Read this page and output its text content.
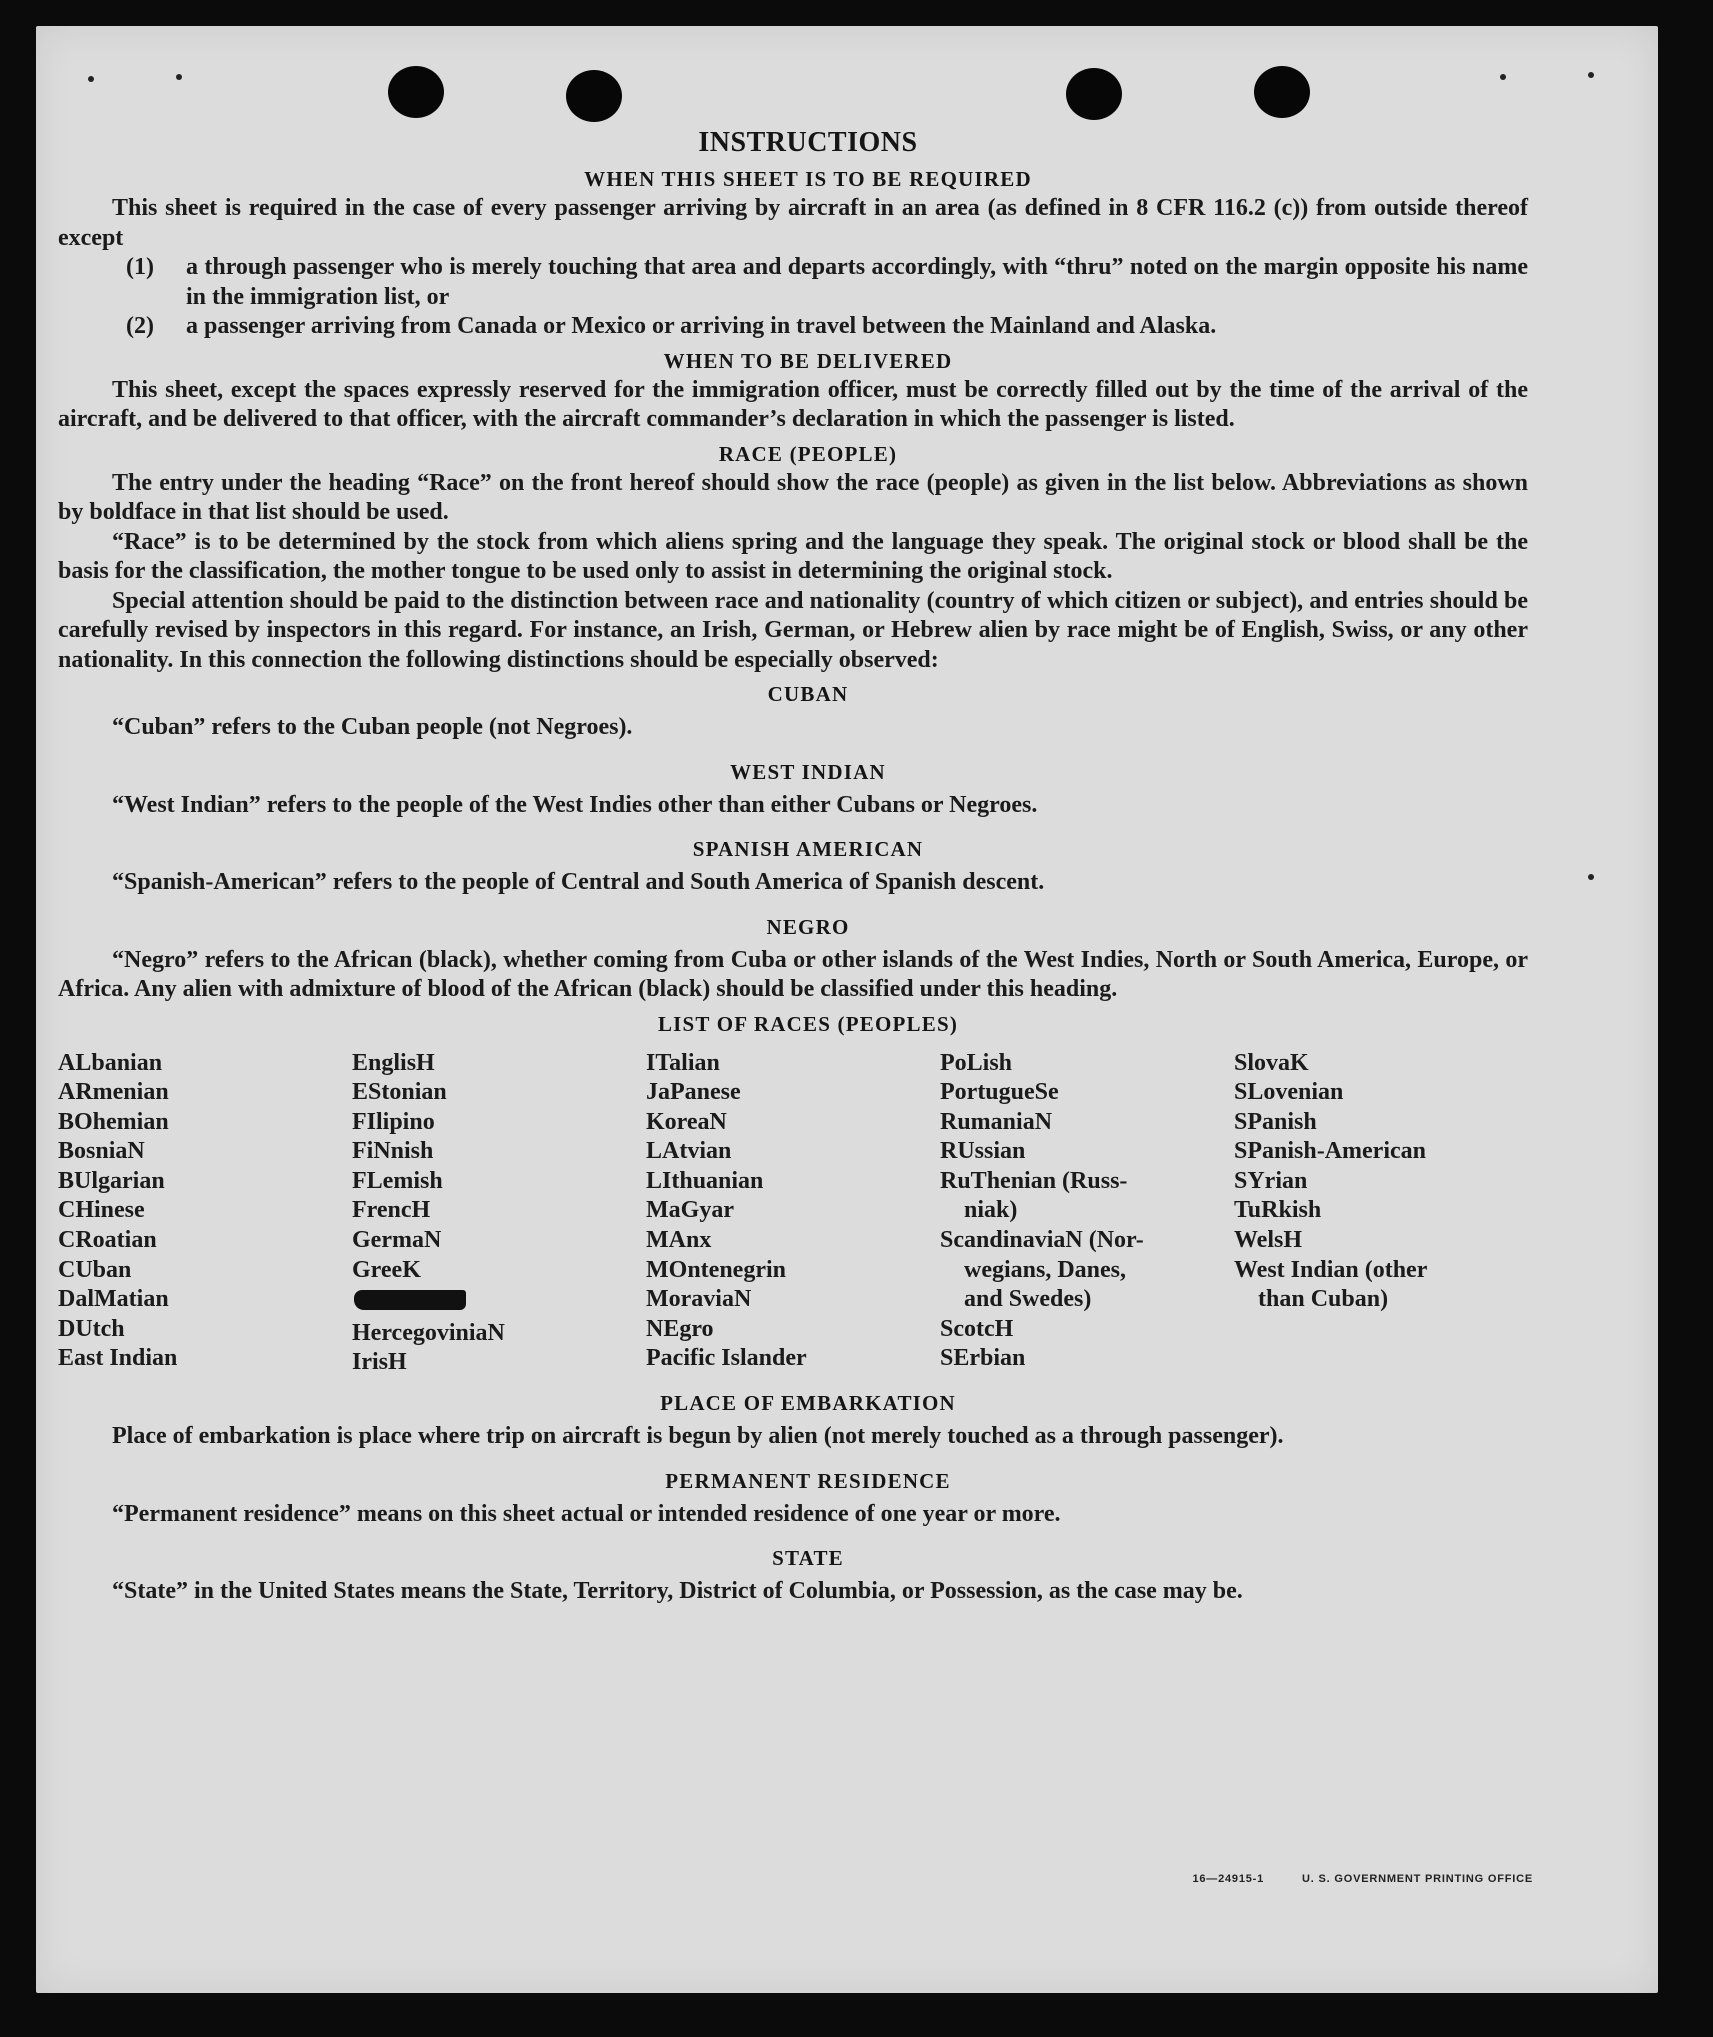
INSTRUCTIONS
WHEN THIS SHEET IS TO BE REQUIRED

This sheet is required in the case of every passenger arriving by aircraft in an area (as defined in 8 CFR 116.2 (c)) from outside thereof except

(1) a through passenger who is merely touching that area and departs accordingly, with “thru” noted on the margin opposite his name in the immigration list, or
(2) a passenger arriving from Canada or Mexico or arriving in travel between the Mainland and Alaska.
WHEN TO BE DELIVERED

This sheet, except the spaces expressly reserved for the immigration officer, must be correctly filled out by the time of the arrival of the aircraft, and be delivered to that officer, with the aircraft commander’s declaration in which the passenger is listed.

RACE (PEOPLE)

The entry under the heading “Race” on the front hereof should show the race (people) as given in the list below. Abbreviations as shown by boldface in that list should be used.

“Race” is to be determined by the stock from which aliens spring and the language they speak. The original stock or blood shall be the basis for the classification, the mother tongue to be used only to assist in determining the original stock.

Special attention should be paid to the distinction between race and nationality (country of which citizen or subject), and entries should be carefully revised by inspectors in this regard. For instance, an Irish, German, or Hebrew alien by race might be of English, Swiss, or any other nationality. In this connection the following distinctions should be especially observed:

CUBAN

“Cuban” refers to the Cuban people (not Negroes).

WEST INDIAN

“West Indian” refers to the people of the West Indies other than either Cubans or Negroes.

SPANISH AMERICAN

“Spanish-American” refers to the people of Central and South America of Spanish descent.

NEGRO

“Negro” refers to the African (black), whether coming from Cuba or other islands of the West Indies, North or South America, Europe, or Africa. Any alien with admixture of blood of the African (black) should be classified under this heading.

LIST OF RACES (PEOPLES)
ALbanian
ARmenian
BOhemian
BosniaN
BUlgarian
CHinese
CRoatian
CUban
DalMatian
DUtch
East Indian
EnglisH
EStonian
FIlipino
FiNnish
FLemish
FrencH
GermaN
GreeK
HercegoviniaN
IrisH
ITalian
JaPanese
KoreaN
LAtvian
LIthuanian
MaGyar
MAnx
MOntenegrin
MoraviaN
NEgro
Pacific Islander
PoLish
PortugueSe
RumaniaN
RUssian
RuThenian (Russ-
niak)
ScandinaviaN (Nor-
wegians, Danes,
and Swedes)
ScotcH
SErbian
SlovaK
SLovenian
SPanish
SPanish-American
SYrian
TuRkish
WelsH
West Indian (other
than Cuban)
PLACE OF EMBARKATION

Place of embarkation is place where trip on aircraft is begun by alien (not merely touched as a through passenger).

PERMANENT RESIDENCE

“Permanent residence” means on this sheet actual or intended residence of one year or more.

STATE

“State” in the United States means the State, Territory, District of Columbia, or Possession, as the case may be.

16—24915-1	U. S. GOVERNMENT PRINTING OFFICE
